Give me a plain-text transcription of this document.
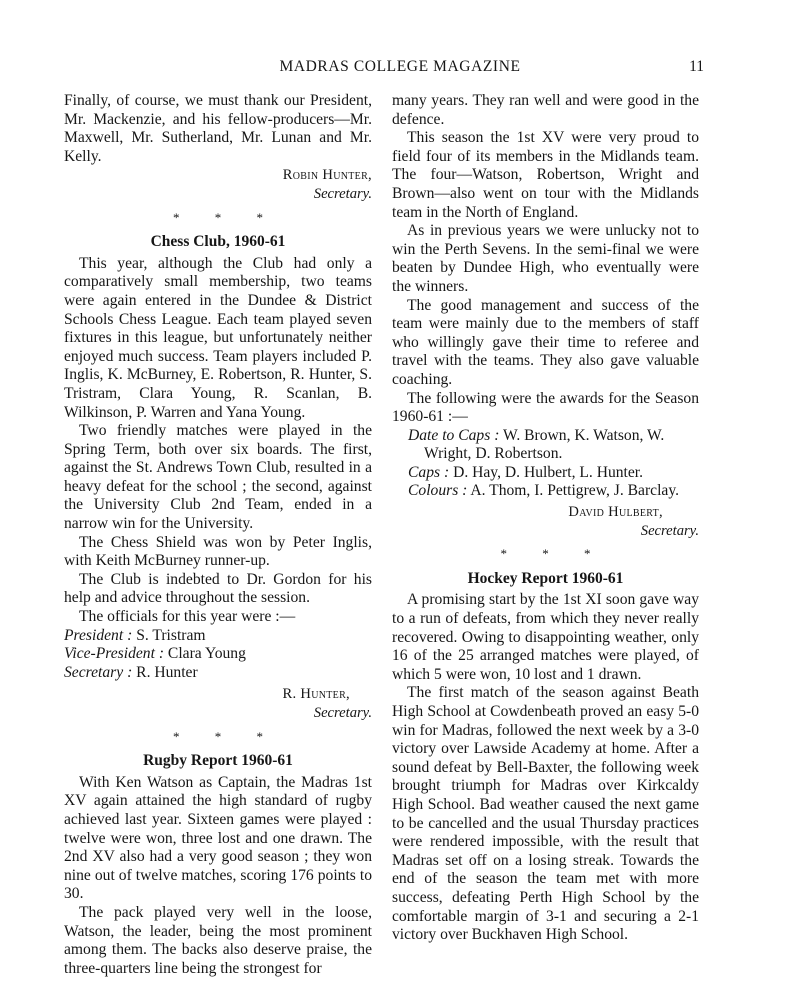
MADRAS COLLEGE MAGAZINE	11

Finally, of course, we must thank our President, Mr. Mackenzie, and his fellow-producers—Mr. Maxwell, Mr. Sutherland, Mr. Lunan and Mr. Kelly.

Robin Hunter,
Secretary.
* * *
Chess Club, 1960-61

This year, although the Club had only a comparatively small membership, two teams were again entered in the Dundee & District Schools Chess League. Each team played seven fixtures in this league, but unfortunately neither enjoyed much success. Team players included P. Inglis, K. McBurney, E. Robertson, R. Hunter, S. Tristram, Clara Young, R. Scanlan, B. Wilkinson, P. Warren and Yana Young.

Two friendly matches were played in the Spring Term, both over six boards. The first, against the St. Andrews Town Club, resulted in a heavy defeat for the school ; the second, against the University Club 2nd Team, ended in a narrow win for the University.

The Chess Shield was won by Peter Inglis, with Keith McBurney runner-up.

The Club is indebted to Dr. Gordon for his help and advice throughout the session.

The officials for this year were :—

President : S. Tristram
Vice-President : Clara Young
Secretary : R. Hunter
R. Hunter,
Secretary.
* * *
Rugby Report 1960-61

With Ken Watson as Captain, the Madras 1st XV again attained the high standard of rugby achieved last year. Sixteen games were played : twelve were won, three lost and one drawn. The 2nd XV also had a very good season ; they won nine out of twelve matches, scoring 176 points to 30.

The pack played very well in the loose, Watson, the leader, being the most prominent among them. The backs also deserve praise, the three-quarters line being the strongest for

many years. They ran well and were good in the defence.

This season the 1st XV were very proud to field four of its members in the Midlands team. The four—Watson, Robertson, Wright and Brown—also went on tour with the Midlands team in the North of England.

As in previous years we were unlucky not to win the Perth Sevens. In the semi-final we were beaten by Dundee High, who eventually were the winners.

The good management and success of the team were mainly due to the members of staff who willingly gave their time to referee and travel with the teams. They also gave valuable coaching.

The following were the awards for the Season 1960-61 :—

Date to Caps : W. Brown, K. Watson, W. Wright, D. Robertson.
Caps : D. Hay, D. Hulbert, L. Hunter.
Colours : A. Thom, I. Pettigrew, J. Barclay.
David Hulbert,
Secretary.
* * *
Hockey Report 1960-61

A promising start by the 1st XI soon gave way to a run of defeats, from which they never really recovered. Owing to disappointing weather, only 16 of the 25 arranged matches were played, of which 5 were won, 10 lost and 1 drawn.

The first match of the season against Beath High School at Cowdenbeath proved an easy 5-0 win for Madras, followed the next week by a 3-0 victory over Lawside Academy at home. After a sound defeat by Bell-Baxter, the following week brought triumph for Madras over Kirkcaldy High School. Bad weather caused the next game to be cancelled and the usual Thursday practices were rendered impossible, with the result that Madras set off on a losing streak. Towards the end of the season the team met with more success, defeating Perth High School by the comfortable margin of 3-1 and securing a 2-1 victory over Buckhaven High School.
